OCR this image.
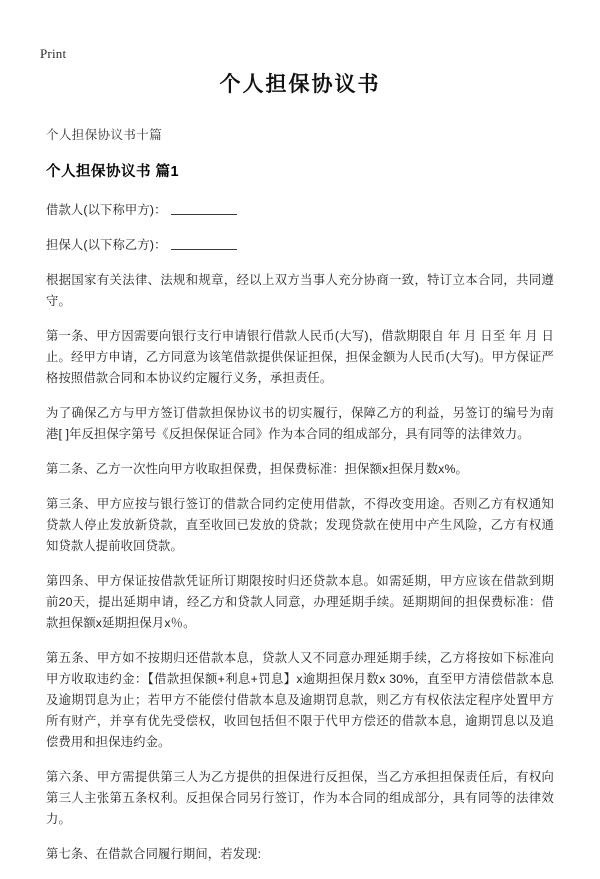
Print
个人担保协议书

个人担保协议书十篇

个人担保协议书 篇1

借款人(以下称甲方)：

担保人(以下称乙方)：

根据国家有关法律、法规和规章，经以上双方当事人充分协商一致，特订立本合同，共同遵守。

第一条、甲方因需要向银行支行申请银行借款人民币(大写)，借款期限自 年 月 日至 年 月 日止。经甲方申请，乙方同意为该笔借款提供保证担保，担保金额为人民币(大写)。甲方保证严格按照借款合同和本协议约定履行义务，承担责任。

为了确保乙方与甲方签订借款担保协议书的切实履行，保障乙方的利益，另签订的编号为南港[ ]年反担保字第号《反担保保证合同》作为本合同的组成部分，具有同等的法律效力。

第二条、乙方一次性向甲方收取担保费，担保费标准：担保额x担保月数x%。

第三条、甲方应按与银行签订的借款合同约定使用借款，不得改变用途。否则乙方有权通知贷款人停止发放新贷款，直至收回已发放的贷款；发现贷款在使用中产生风险，乙方有权通知贷款人提前收回贷款。

第四条、甲方保证按借款凭证所订期限按时归还贷款本息。如需延期，甲方应该在借款到期前20天，提出延期申请，经乙方和贷款人同意，办理延期手续。延期期间的担保费标准：借款担保额x延期担保月x％。

第五条、甲方如不按期归还借款本息，贷款人又不同意办理延期手续，乙方将按如下标准向甲方收取违约金：【借款担保额+利息+罚息】x逾期担保月数x 30%，直至甲方清偿借款本息及逾期罚息为止；若甲方不能偿付借款本息及逾期罚息款，则乙方有权依法定程序处置甲方所有财产，并享有优先受偿权，收回包括但不限于代甲方偿还的借款本息，逾期罚息以及追偿费用和担保违约金。

第六条、甲方需提供第三人为乙方提供的担保进行反担保，当乙方承担担保责任后，有权向第三人主张第五条权利。反担保合同另行签订，作为本合同的组成部分，具有同等的法律效力。

第七条、在借款合同履行期间，若发现:
